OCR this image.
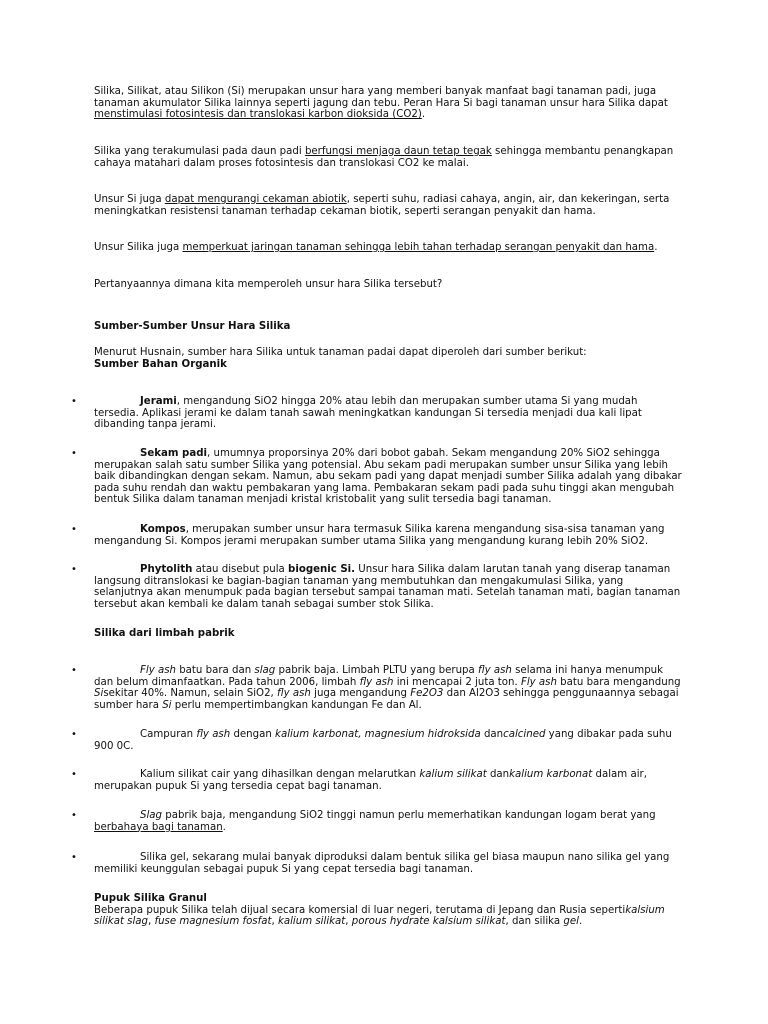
Silika, Silikat, atau Silikon (Si) merupakan unsur hara yang memberi banyak manfaat bagi tanaman padi, juga tanaman akumulator Silika lainnya seperti jagung dan tebu. Peran Hara Si bagi tanaman unsur hara Silika dapat menstimulasi fotosintesis dan translokasi karbon dioksida (CO2).

Silika yang terakumulasi pada daun padi berfungsi menjaga daun tetap tegak sehingga membantu penangkapan cahaya matahari dalam proses fotosintesis dan translokasi CO2 ke malai.

Unsur Si juga dapat mengurangi cekaman abiotik, seperti suhu, radiasi cahaya, angin, air, dan kekeringan, serta meningkatkan resistensi tanaman terhadap cekaman biotik, seperti serangan penyakit dan hama.

Unsur Silika juga memperkuat jaringan tanaman sehingga lebih tahan terhadap serangan penyakit dan hama.

Pertanyaannya dimana kita memperoleh unsur hara Silika tersebut?

Sumber-Sumber Unsur Hara Silika

Menurut Husnain, sumber hara Silika untuk tanaman padai dapat diperoleh dari sumber berikut:
Sumber Bahan Organik

•	Jerami, mengandung SiO2 hingga 20% atau lebih dan merupakan sumber utama Si yang mudah tersedia. Aplikasi jerami ke dalam tanah sawah meningkatkan kandungan Si tersedia menjadi dua kali lipat dibanding tanpa jerami.

•	Sekam padi, umumnya proporsinya 20% dari bobot gabah. Sekam mengandung 20% SiO2 sehingga merupakan salah satu sumber Silika yang potensial. Abu sekam padi merupakan sumber unsur Silika yang lebih baik dibandingkan dengan sekam. Namun, abu sekam padi yang dapat menjadi sumber Silika adalah yang dibakar pada suhu rendah dan waktu pembakaran yang lama. Pembakaran sekam padi pada suhu tinggi akan mengubah bentuk Silika dalam tanaman menjadi kristal kristobalit yang sulit tersedia bagi tanaman.

•	Kompos, merupakan sumber unsur hara termasuk Silika karena mengandung sisa-sisa tanaman yang mengandung Si. Kompos jerami merupakan sumber utama Silika yang mengandung kurang lebih 20% SiO2.

•	Phytolith atau disebut pula biogenic Si. Unsur hara Silika dalam larutan tanah yang diserap tanaman langsung ditranslokasi ke bagian-bagian tanaman yang membutuhkan dan mengakumulasi Silika, yang selanjutnya akan menumpuk pada bagian tersebut sampai tanaman mati. Setelah tanaman mati, bagian tanaman tersebut akan kembali ke dalam tanah sebagai sumber stok Silika.

Silika dari limbah pabrik

•	Fly ash batu bara dan slag pabrik baja. Limbah PLTU yang berupa fly ash selama ini hanya menumpuk dan belum dimanfaatkan. Pada tahun 2006, limbah fly ash ini mencapai 2 juta ton. Fly ash batu bara mengandung Sisekitar 40%. Namun, selain SiO2, fly ash juga mengandung Fe2O3 dan Al2O3 sehingga penggunaannya sebagai sumber hara Si perlu mempertimbangkan kandungan Fe dan Al.

•	Campuran fly ash dengan kalium karbonat, magnesium hidroksida dancalcined yang dibakar pada suhu 900 0C.

•	Kalium silikat cair yang dihasilkan dengan melarutkan kalium silikat dankalium karbonat dalam air, merupakan pupuk Si yang tersedia cepat bagi tanaman.

•	Slag pabrik baja, mengandung SiO2 tinggi namun perlu memerhatikan kandungan logam berat yang berbahaya bagi tanaman.

•	Silika gel, sekarang mulai banyak diproduksi dalam bentuk silika gel biasa maupun nano silika gel yang memiliki keunggulan sebagai pupuk Si yang cepat tersedia bagi tanaman.

Pupuk Silika Granul
Beberapa pupuk Silika telah dijual secara komersial di luar negeri, terutama di Jepang dan Rusia sepertikalsium silikat slag, fuse magnesium fosfat, kalium silikat, porous hydrate kalsium silikat, dan silika gel.
